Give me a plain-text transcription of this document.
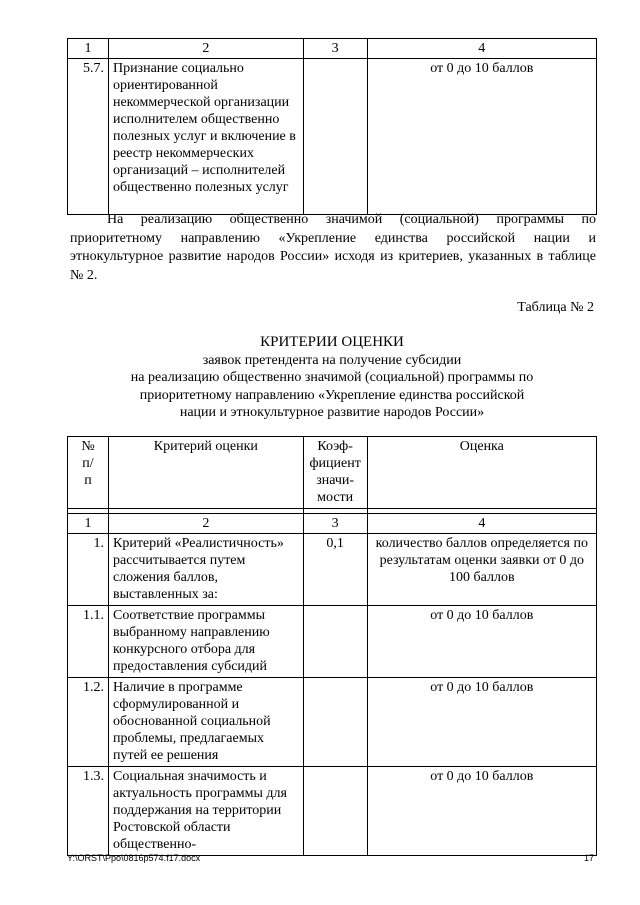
1	2	3	4
5.7.	Признание социально ориентированной некоммерческой организации исполнителем общественно полезных услуг и включение в реестр некоммерческих организаций – исполнителей общественно полезных услуг		от 0 до 10 баллов

На реализацию общественно значимой (социальной) программы по приоритетному направлению «Укрепление единства российской нации и этнокультурное развитие народов России» исходя из критериев, указанных в таблице № 2.

Таблица № 2

КРИТЕРИИ ОЦЕНКИ
заявок претендента на получение субсидии
на реализацию общественно значимой (социальной) программы по
приоритетному направлению «Укрепление единства российской
нации и этнокультурное развитие народов России»
№ п/п	Критерий оценки	Коэф-фициент значи-мости	Оценка

1	2	3	4
1.	Критерий «Реалистичность» рассчитывается путем сложения баллов, выставленных за:	0,1	количество баллов определяется по результатам оценки заявки от 0 до 100 баллов
1.1.	Соответствие программы выбранному направлению конкурсного отбора для предоставления субсидий		от 0 до 10 баллов
1.2.	Наличие в программе сформулированной и обоснованной социальной проблемы, предлагаемых путей ее решения		от 0 до 10 баллов
1.3.	Социальная значимость и актуальность программы для поддержания на территории Ростовской области общественно-		от 0 до 10 баллов
Y:\ORST\Ppo\0816p574.f17.docx	17
